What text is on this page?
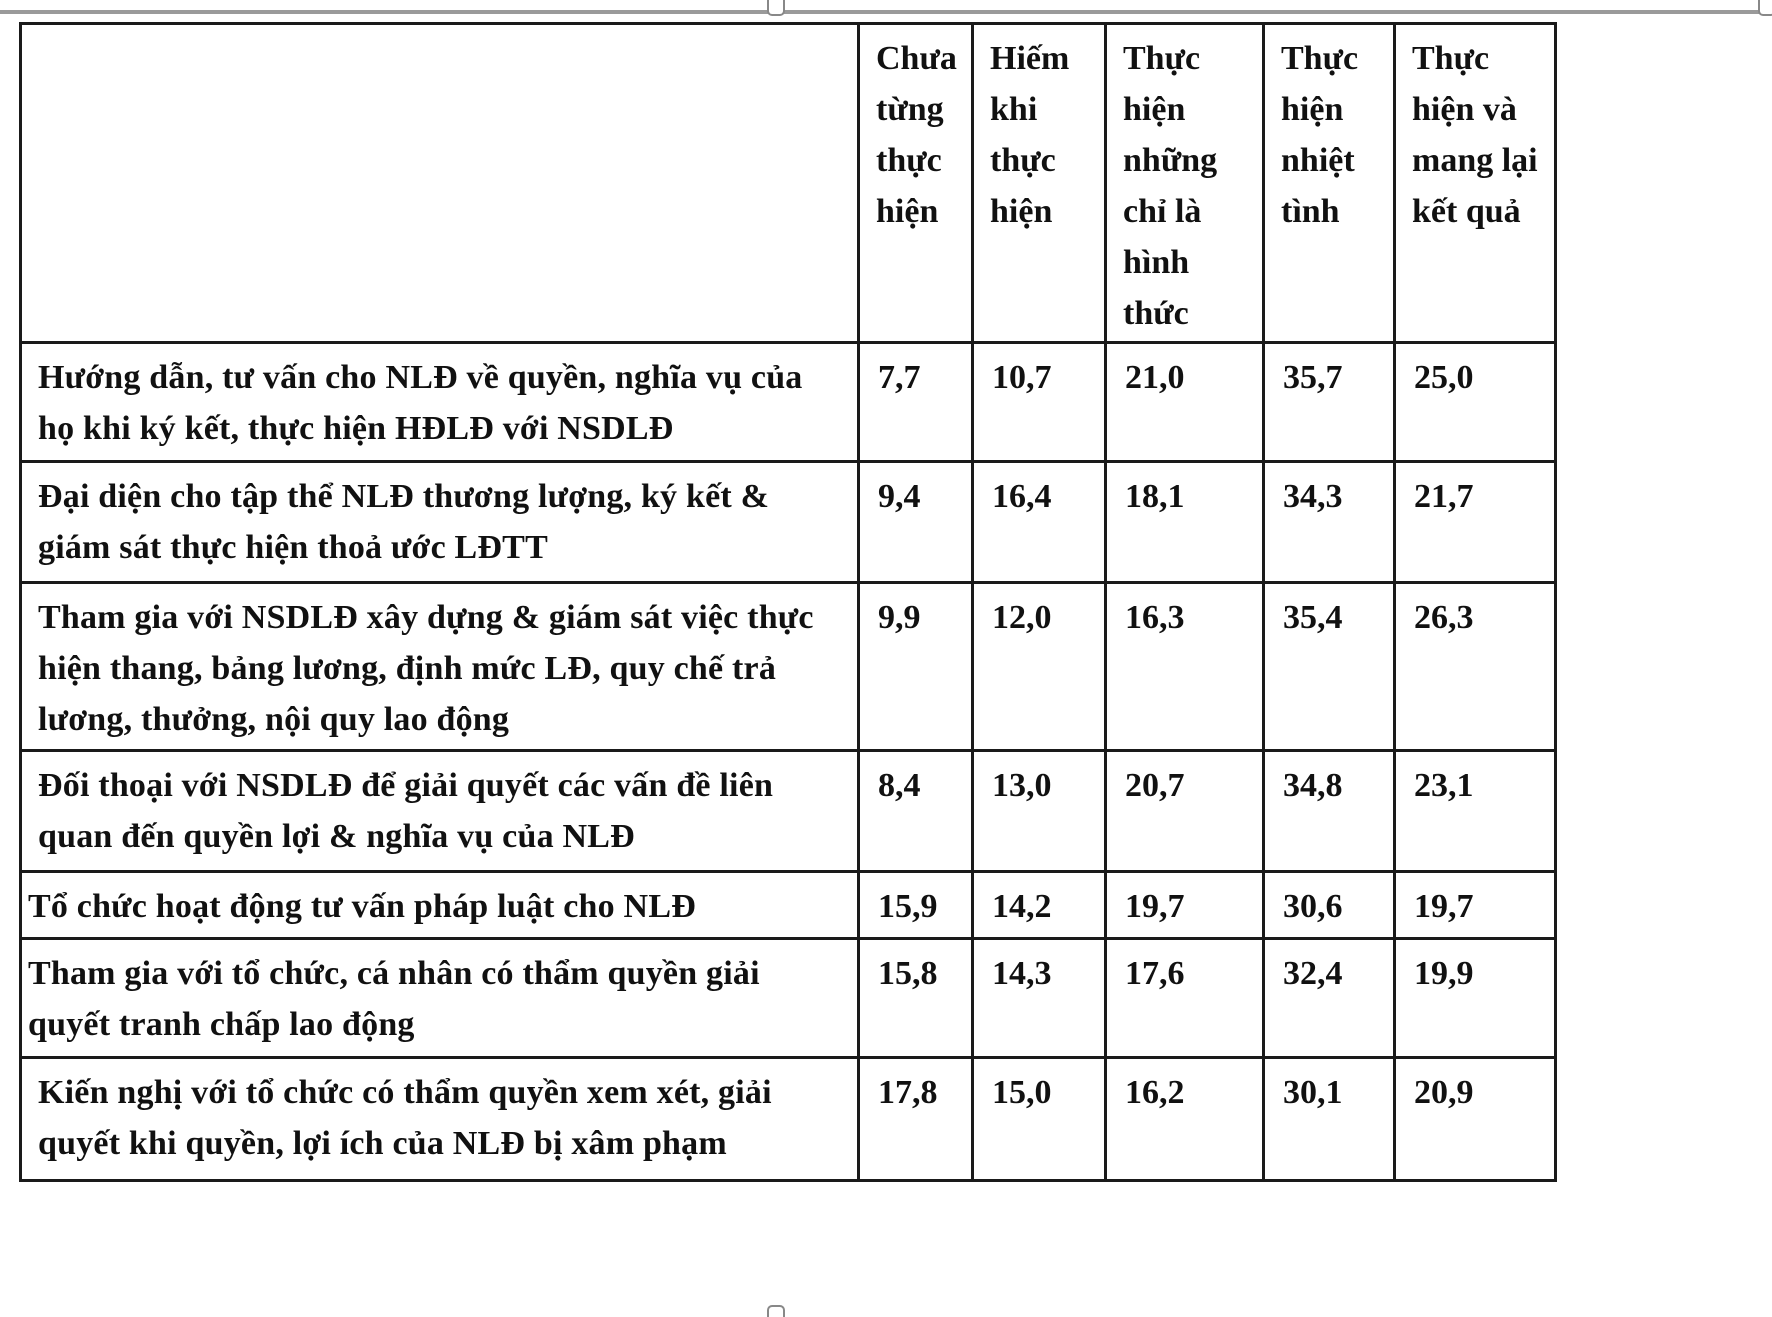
	Chưa từng thực hiện	Hiếm khi thực hiện	Thực hiện những chỉ là hình thức	Thực hiện nhiệt tình	Thực hiện và mang lại kết quả
Hướng dẫn, tư vấn cho NLĐ về quyền, nghĩa vụ của họ khi ký kết, thực hiện HĐLĐ với NSDLĐ	7,7	10,7	21,0	35,7	25,0
Đại diện cho tập thể NLĐ thương lượng, ký kết & giám sát thực hiện thoả ước LĐTT	9,4	16,4	18,1	34,3	21,7
Tham gia với NSDLĐ xây dựng & giám sát việc thực hiện thang, bảng lương, định mức LĐ, quy chế trả lương, thưởng, nội quy lao động	9,9	12,0	16,3	35,4	26,3
Đối thoại với NSDLĐ để giải quyết các vấn đề liên quan đến quyền lợi & nghĩa vụ của NLĐ	8,4	13,0	20,7	34,8	23,1
Tổ chức hoạt động tư vấn pháp luật cho NLĐ	15,9	14,2	19,7	30,6	19,7
Tham gia với tổ chức, cá nhân có thẩm quyền giải quyết tranh chấp lao động	15,8	14,3	17,6	32,4	19,9
Kiến nghị với tổ chức có thẩm quyền xem xét, giải quyết khi quyền, lợi ích của NLĐ bị xâm phạm	17,8	15,0	16,2	30,1	20,9
